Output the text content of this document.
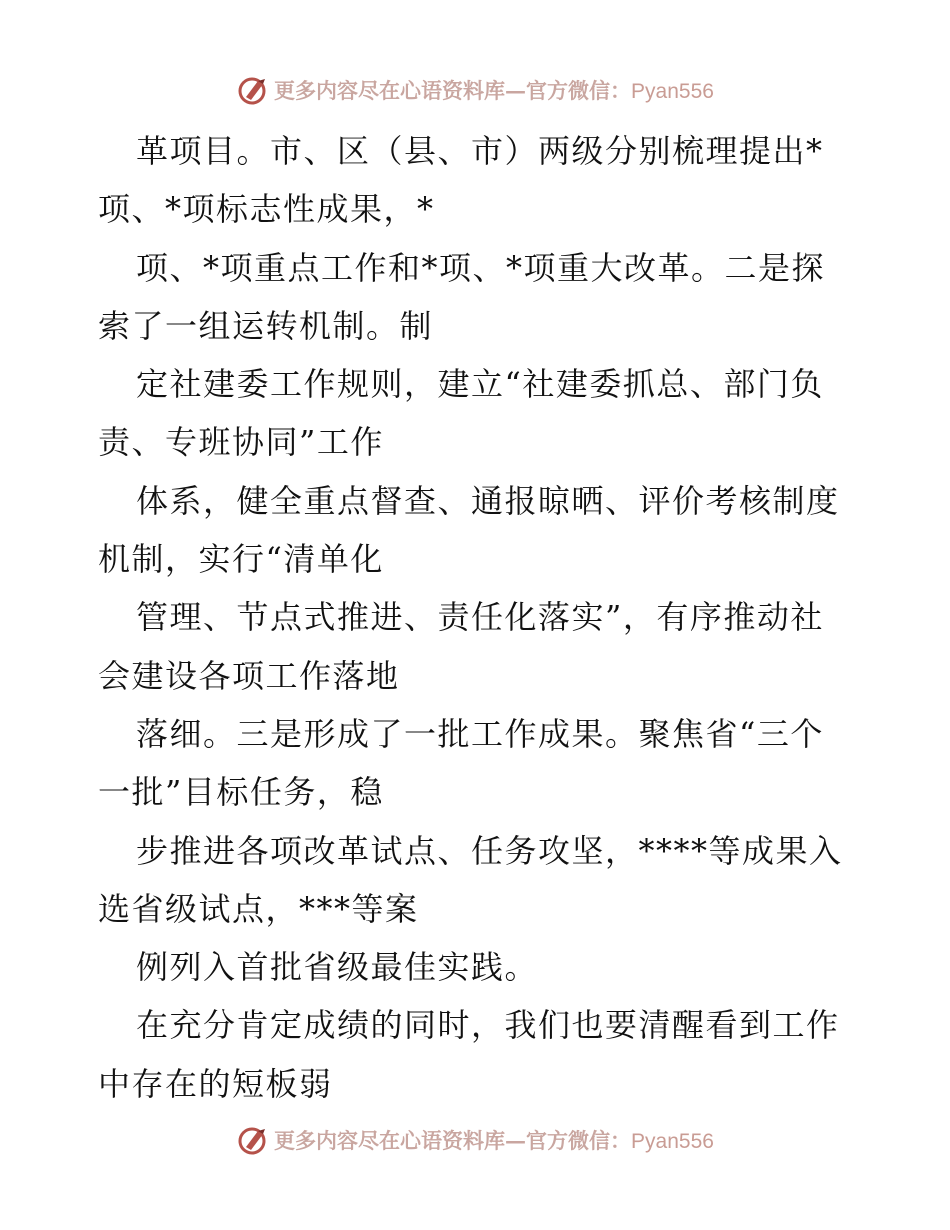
更多内容尽在心语资料库—官方微信：Pyan556
革项目。市、区（县、市）两级分别梳理提出*
项、*项标志性成果，*
项、*项重点工作和*项、*项重大改革。二是探
索了一组运转机制。制
定社建委工作规则，建立“社建委抓总、部门负
责、专班协同”工作
体系，健全重点督查、通报晾晒、评价考核制度
机制，实行“清单化
管理、节点式推进、责任化落实”，有序推动社
会建设各项工作落地
落细。三是形成了一批工作成果。聚焦省“三个
一批”目标任务，稳
步推进各项改革试点、任务攻坚，****等成果入
选省级试点，***等案
例列入首批省级最佳实践。
在充分肯定成绩的同时，我们也要清醒看到工作
中存在的短板弱
更多内容尽在心语资料库—官方微信：Pyan556
